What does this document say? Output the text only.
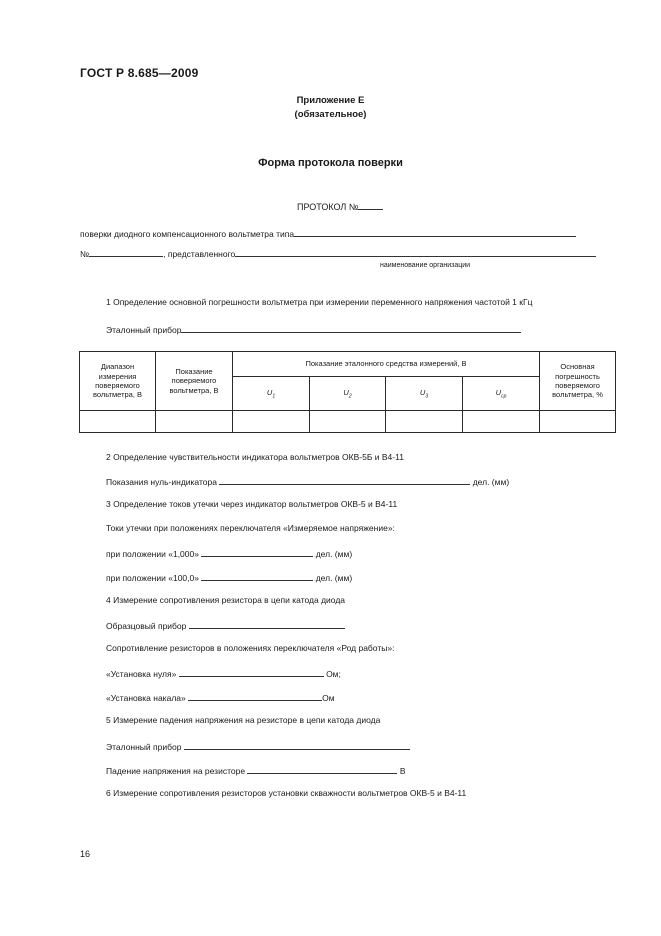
ГОСТ Р 8.685—2009
Приложение Е
(обязательное)
Форма протокола поверки
ПРОТОКОЛ №
поверки диодного компенсационного вольтметра типа
№	, представленного
наименование организации
1 Определение основной погрешности вольтметра при измерении переменного напряжения частотой 1 кГц
Эталонный прибор
Диапазон измерения поверяемого вольтметра, В	Показание поверяемого вольтметра, В	Показание эталонного средства измерений, В				Основная погрешность поверяемого вольтметра, %
		$U_1$	$U_2$	$U_3$	$U_{ср}$

2 Определение чувствительности индикатора вольтметров ОКВ-5Б и В4-11
Показания нуль-индикатора	дел. (мм)
3 Определение токов утечки через индикатор вольтметров ОКВ-5 и В4-11
Токи утечки при положениях переключателя «Измеряемое напряжение»:
при положении «1,000»	дел. (мм)
при положении «100,0»	дел. (мм)
4 Измерение сопротивления резистора в цепи катода диода
Образцовый прибор
Сопротивление резисторов в положениях переключателя «Род работы»:
«Установка нуля»	Ом;
«Установка накала»	Ом
5 Измерение падения напряжения на резисторе в цепи катода диода
Эталонный прибор
Падение напряжения на резисторе	В
6 Измерение сопротивления резисторов установки скважности вольтметров ОКВ-5 и В4-11
16
